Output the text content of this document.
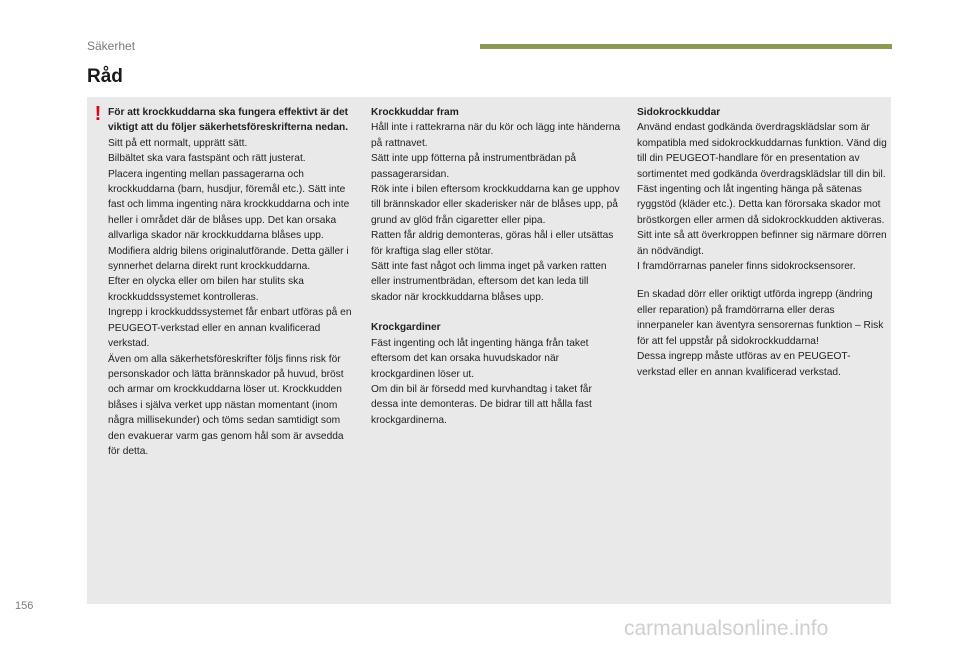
Säkerhet
Råd
! För att krockkuddarna ska fungera effektivt är det viktigt att du följer säkerhetsföreskrifterna nedan.

Sitt på ett normalt, upprätt sätt.
Bilbältet ska vara fastspänt och rätt justerat.
Placera ingenting mellan passagerarna och krockkuddarna (barn, husdjur, föremål etc.). Sätt inte fast och limma ingenting nära krockkuddarna och inte heller i området där de blåses upp. Det kan orsaka allvarliga skador när krockkuddarna blåses upp.
Modifiera aldrig bilens originalutförande. Detta gäller i synnerhet delarna direkt runt krockkuddarna.
Efter en olycka eller om bilen har stulits ska krockkuddssystemet kontrolleras.
Ingrepp i krockkuddssystemet får enbart utföras på en PEUGEOT-verkstad eller en annan kvalificerad verkstad.
Även om alla säkerhetsföreskrifter följs finns risk för personskador och lätta brännskador på huvud, bröst och armar om krockkuddarna löser ut. Krockkudden blåses i själva verket upp nästan momentant (inom några millisekunder) och töms sedan samtidigt som den evakuerar varm gas genom hål som är avsedda för detta.

Krockkuddar fram

Håll inte i rattekrarna när du kör och lägg inte händerna på rattnavet.
Sätt inte upp fötterna på instrumentbrädan på passagerarsidan.
Rök inte i bilen eftersom krockkuddarna kan ge upphov till brännskador eller skaderisker när de blåses upp, på grund av glöd från cigaretter eller pipa.
Ratten får aldrig demonteras, göras hål i eller utsättas för kraftiga slag eller stötar.
Sätt inte fast något och limma inget på varken ratten eller instrumentbrädan, eftersom det kan leda till skador när krockkuddarna blåses upp.

Krockgardiner

Fäst ingenting och låt ingenting hänga från taket eftersom det kan orsaka huvudskador när krockgardinen löser ut.
Om din bil är försedd med kurvhandtag i taket får dessa inte demonteras. De bidrar till att hålla fast krockgardinerna.

Sidokrockkuddar

Använd endast godkända överdragsklädslar som är kompatibla med sidokrockkuddarnas funktion. Vänd dig till din PEUGEOT-handlare för en presentation av sortimentet med godkända överdragsklädslar till din bil.
Fäst ingenting och låt ingenting hänga på sätenas ryggstöd (kläder etc.). Detta kan förorsaka skador mot bröstkorgen eller armen då sidokrockkudden aktiveras.
Sitt inte så att överkroppen befinner sig närmare dörren än nödvändigt.
I framdörrarnas paneler finns sidokrocksensorer.

En skadad dörr eller oriktigt utförda ingrepp (ändring eller reparation) på framdörrarna eller deras innerpaneler kan äventyra sensorernas funktion – Risk för att fel uppstår på sidokrockkuddarna!
Dessa ingrepp måste utföras av en PEUGEOT-verkstad eller en annan kvalificerad verkstad.

156
carmanualsonline.info
